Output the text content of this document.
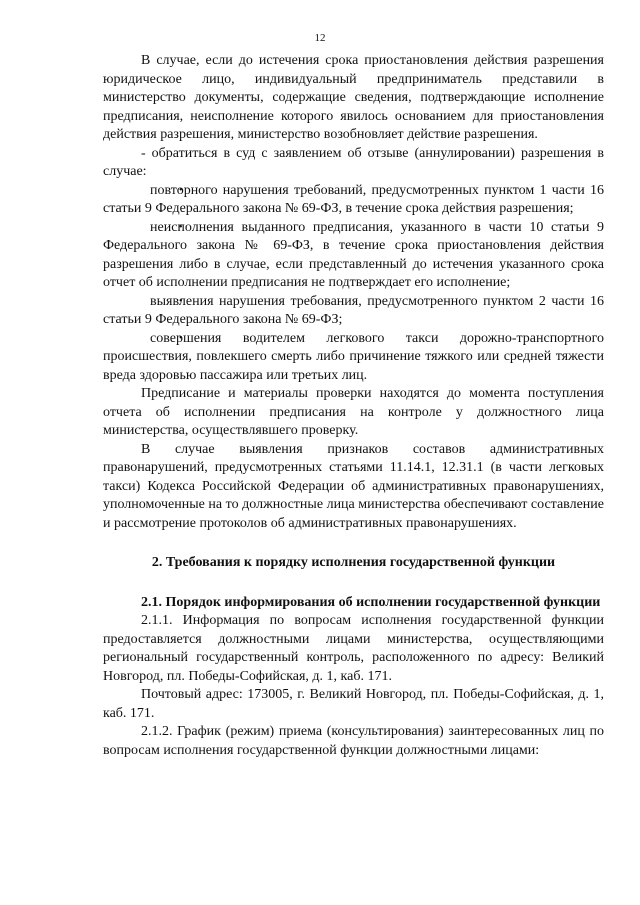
12

В случае, если до истечения срока приостановления действия разрешения юридическое лицо, индивидуальный предприниматель представили в министерство документы, содержащие сведения, подтверждающие исполнение предписания, неисполнение которого явилось основанием для приостановления действия разрешения, министерство возобновляет действие разрешения.

- обратиться в суд с заявлением об отзыве (аннулировании) разрешения в случае:

• повторного нарушения требований, предусмотренных пунктом 1 части 16 статьи 9 Федерального закона № 69-ФЗ, в течение срока действия разрешения;

• неисполнения выданного предписания, указанного в части 10 статьи 9 Федерального закона № 69-ФЗ, в течение срока приостановления действия разрешения либо в случае, если представленный до истечения указанного срока отчет об исполнении предписания не подтверждает его исполнение;

• выявления нарушения требования, предусмотренного пунктом 2 части 16 статьи 9 Федерального закона № 69-ФЗ;

• совершения водителем легкового такси дорожно-транспортного происшествия, повлекшего смерть либо причинение тяжкого или средней тяжести вреда здоровью пассажира или третьих лиц.

Предписание и материалы проверки находятся до момента поступления отчета об исполнении предписания на контроле у должностного лица министерства, осуществлявшего проверку.

В случае выявления признаков составов административных правонарушений, предусмотренных статьями 11.14.1, 12.31.1 (в части легковых такси) Кодекса Российской Федерации об административных правонарушениях, уполномоченные на то должностные лица министерства обеспечивают составление и рассмотрение протоколов об административных правонарушениях.

2. Требования к порядку исполнения государственной функции
2.1. Порядок информирования об исполнении государственной функции

2.1.1. Информация по вопросам исполнения государственной функции предоставляется должностными лицами министерства, осуществляющими региональный государственный контроль, расположенного по адресу: Великий Новгород, пл. Победы-Софийская, д. 1, каб. 171.

Почтовый адрес: 173005, г. Великий Новгород, пл. Победы-Софийская, д. 1, каб. 171.

2.1.2. График (режим) приема (консультирования) заинтересованных лиц по вопросам исполнения государственной функции должностными лицами:
